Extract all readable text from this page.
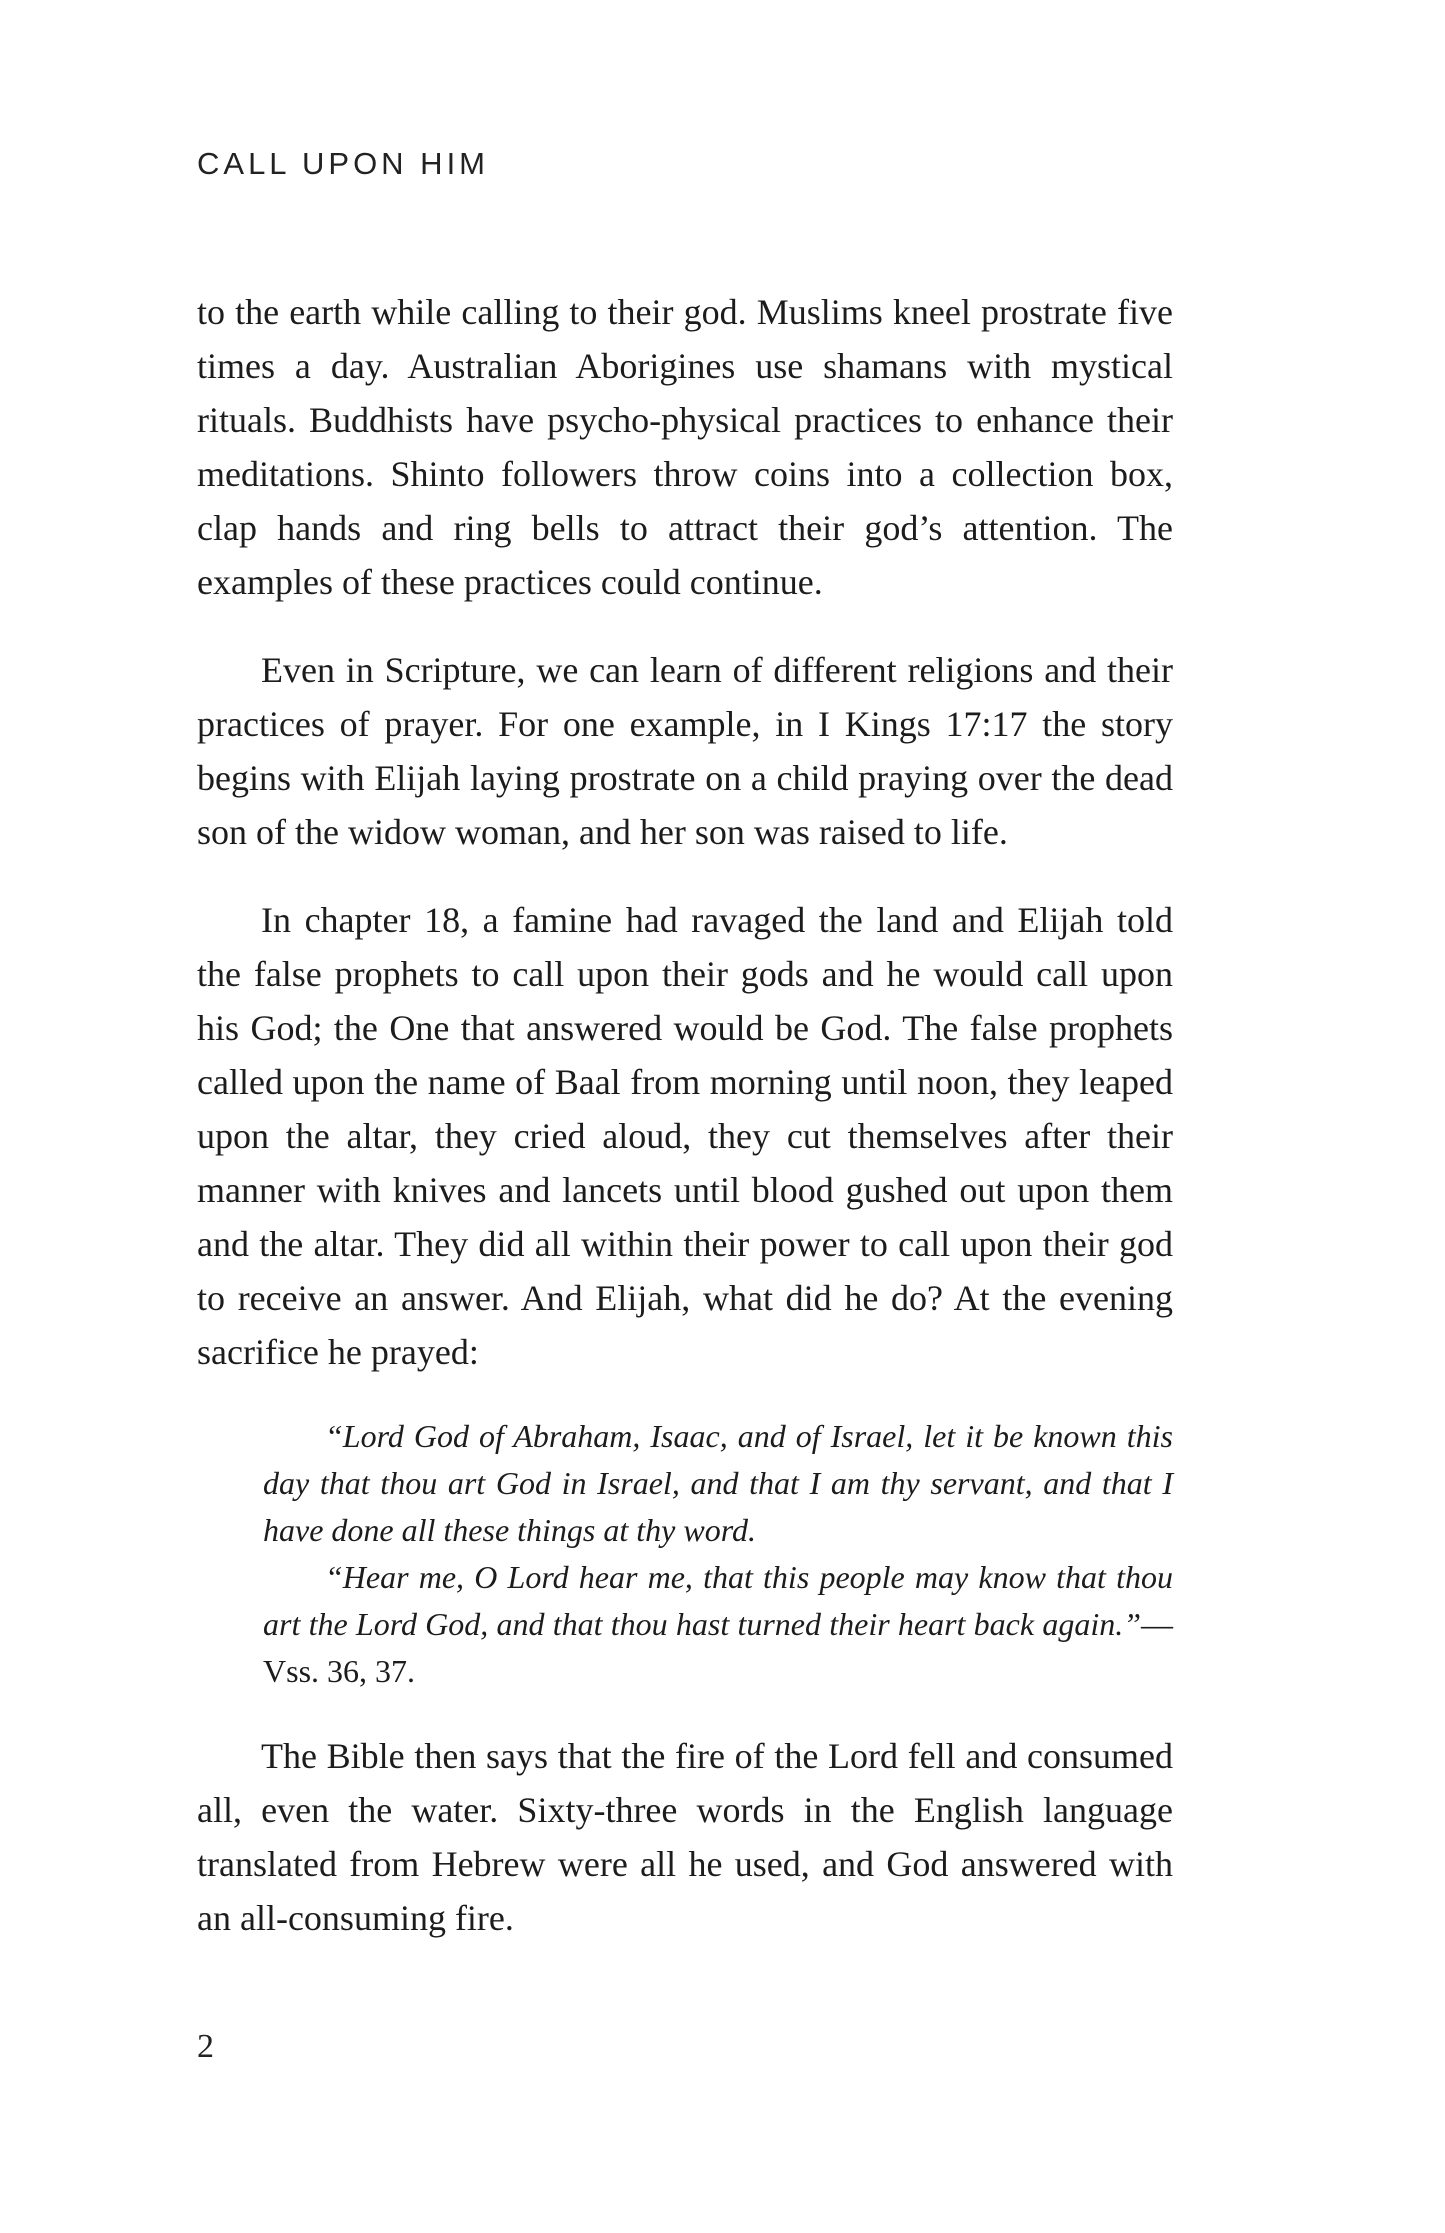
CALL UPON HIM

to the earth while calling to their god. Muslims kneel prostrate five times a day. Australian Aborigines use shamans with mystical rituals. Buddhists have psycho-physical practices to enhance their meditations. Shinto followers throw coins into a collection box, clap hands and ring bells to attract their god’s attention. The examples of these practices could continue.

Even in Scripture, we can learn of different religions and their practices of prayer. For one example, in I Kings 17:17 the story begins with Elijah laying prostrate on a child praying over the dead son of the widow woman, and her son was raised to life.

In chapter 18, a famine had ravaged the land and Elijah told the false prophets to call upon their gods and he would call upon his God; the One that answered would be God. The false prophets called upon the name of Baal from morning until noon, they leaped upon the altar, they cried aloud, they cut themselves after their manner with knives and lancets until blood gushed out upon them and the altar. They did all within their power to call upon their god to receive an answer. And Elijah, what did he do? At the evening sacrifice he prayed:

“Lord God of Abraham, Isaac, and of Israel, let it be known this day that thou art God in Israel, and that I am thy servant, and that I have done all these things at thy word.

“Hear me, O Lord hear me, that this people may know that thou art the Lord God, and that thou hast turned their heart back again.”—Vss. 36, 37.

The Bible then says that the fire of the Lord fell and consumed all, even the water. Sixty-three words in the English language translated from Hebrew were all he used, and God answered with an all-consuming fire.

2
